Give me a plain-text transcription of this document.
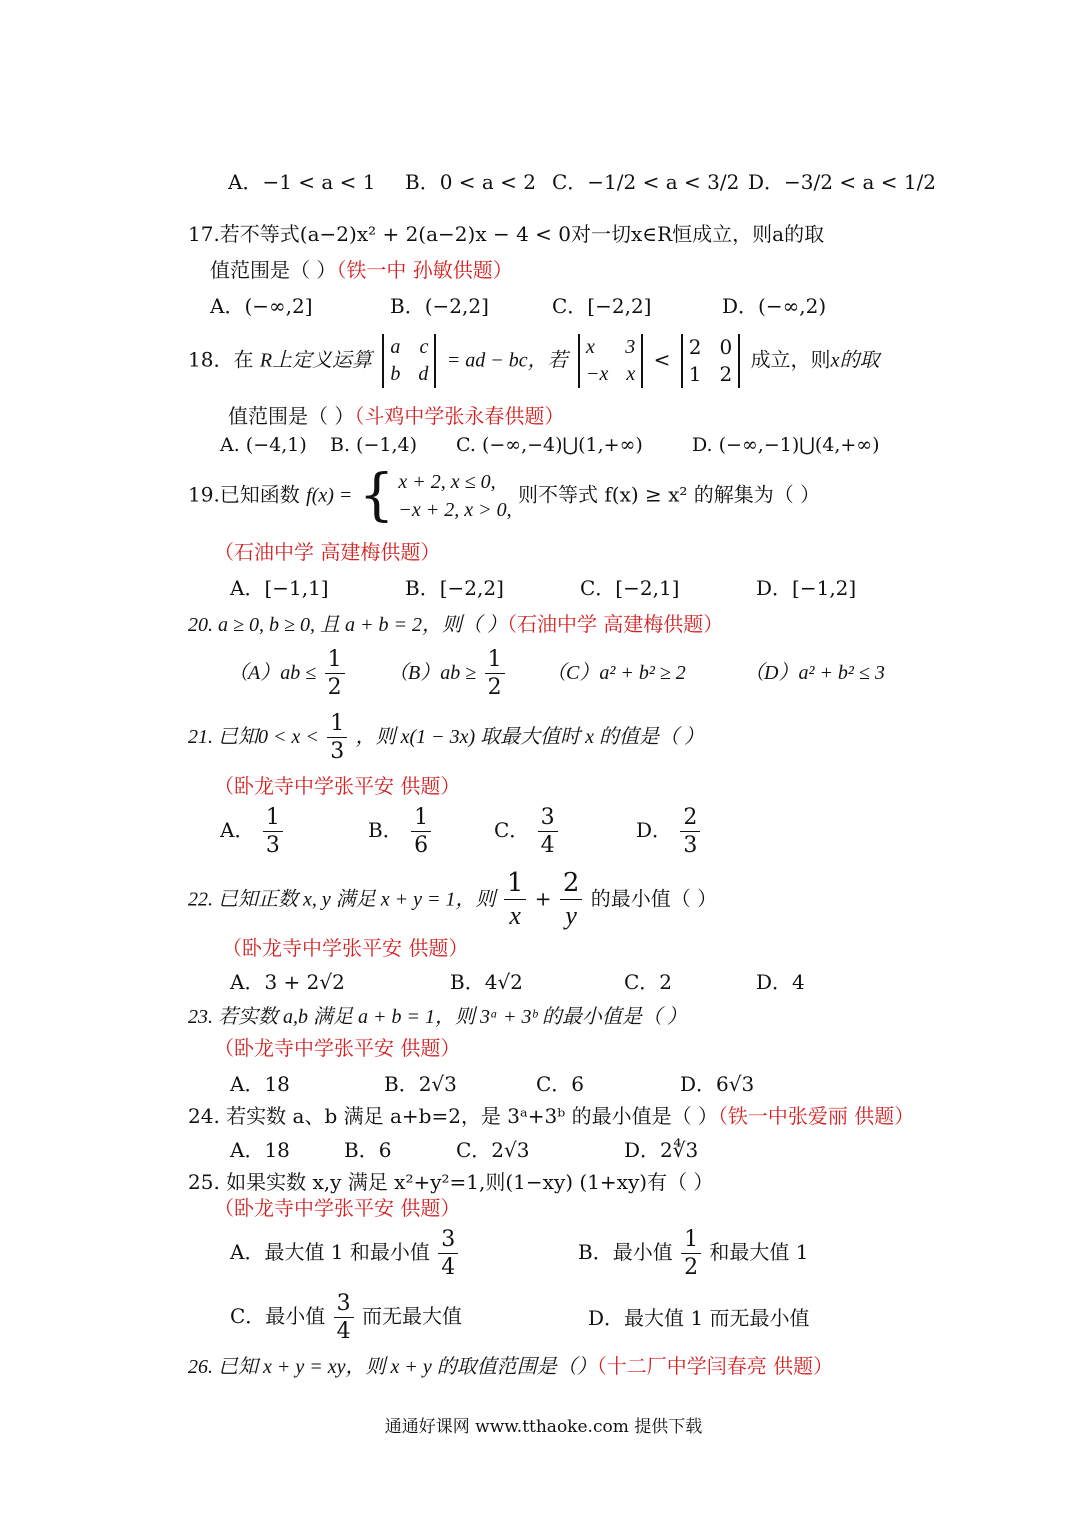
A．−1 < a < 1 B．0 < a < 2 C．−1/2 < a < 3/2 D．−3/2 < a < 1/2
17.若不等式(a−2)x² + 2(a−2)x − 4 < 0对一切x∈R恒成立，则a的取
值范围是（ ）（铁一中 孙敏供题）
A．(−∞,2]	B．(−2,2]	C．[−2,2]	D．(−∞,2)
18．在 R上定义运算
a c
b d
= ad − bc，若
x 3
−x x
<
2 0
1 2
成立，则x的取
值范围是（ ）（斗鸡中学张永春供题）
A. (−4,1) B. (−1,4) C. (−∞,−4)⋃(1,+∞)	D. (−∞,−1)⋃(4,+∞)
19.已知函数 f(x) = { x + 2, x ≤ 0,
−x + 2, x > 0,
则不等式 f(x) ≥ x² 的解集为（ ）
（石油中学 高建梅供题）
A．[−1,1]	B．[−2,2]	C．[−2,1]	D．[−1,2]
20. a ≥ 0, b ≥ 0, 且 a + b = 2，则（ ）（石油中学 高建梅供题）
$(A)ab \le \frac{1}{2} (B)ab \ge \frac{1}{2} (C)a^2 + b^2 \ge 2$	（D）a² + b² ≤ 3
21. 已知$0 < x < \frac{1}{3}$ ，则 x(1 − 3x) 取最大值时 x 的值是（ ）
（卧龙寺中学张平安 供题）
A． $\frac{1}{3}$	B． $\frac{1}{6}$	C． $\frac{3}{4}$	D． $\frac{2}{3}$
22. 已知正数 x, y 满足 x + y = 1，则 $\frac{1}{x} + \frac{2}{y}$ 的最小值（ ）
（卧龙寺中学张平安 供题）
A．3 + 2√2	B．4√2	C．2	D．4
23. 若实数 a,b 满足 a + b = 1，则 3ᵃ + 3ᵇ 的最小值是（ ）
（卧龙寺中学张平安 供题）
A．18	B．2√3	C．6	D．6√3
24. 若实数 a、b 满足 a+b=2，是 3ᵃ+3ᵇ 的最小值是（ ）（铁一中张爱丽 供题）
A．18	B．6	C．2√3	D．2∜3
25. 如果实数 x,y 满足 x²+y²=1,则(1−xy) (1+xy)有（ ）
（卧龙寺中学张平安 供题）
A．最大值 1 和最小值 $\frac{3}{4}$	B．最小值 $\frac{1}{2}$ 和最大值 1
C．最小值 $\frac{3}{4}$ 而无最大值	D．最大值 1 而无最小值
26. 已知 x + y = xy，则 x + y 的取值范围是（）（十二厂中学闫春亮 供题）
通通好课网 www.tthaoke.com 提供下载
